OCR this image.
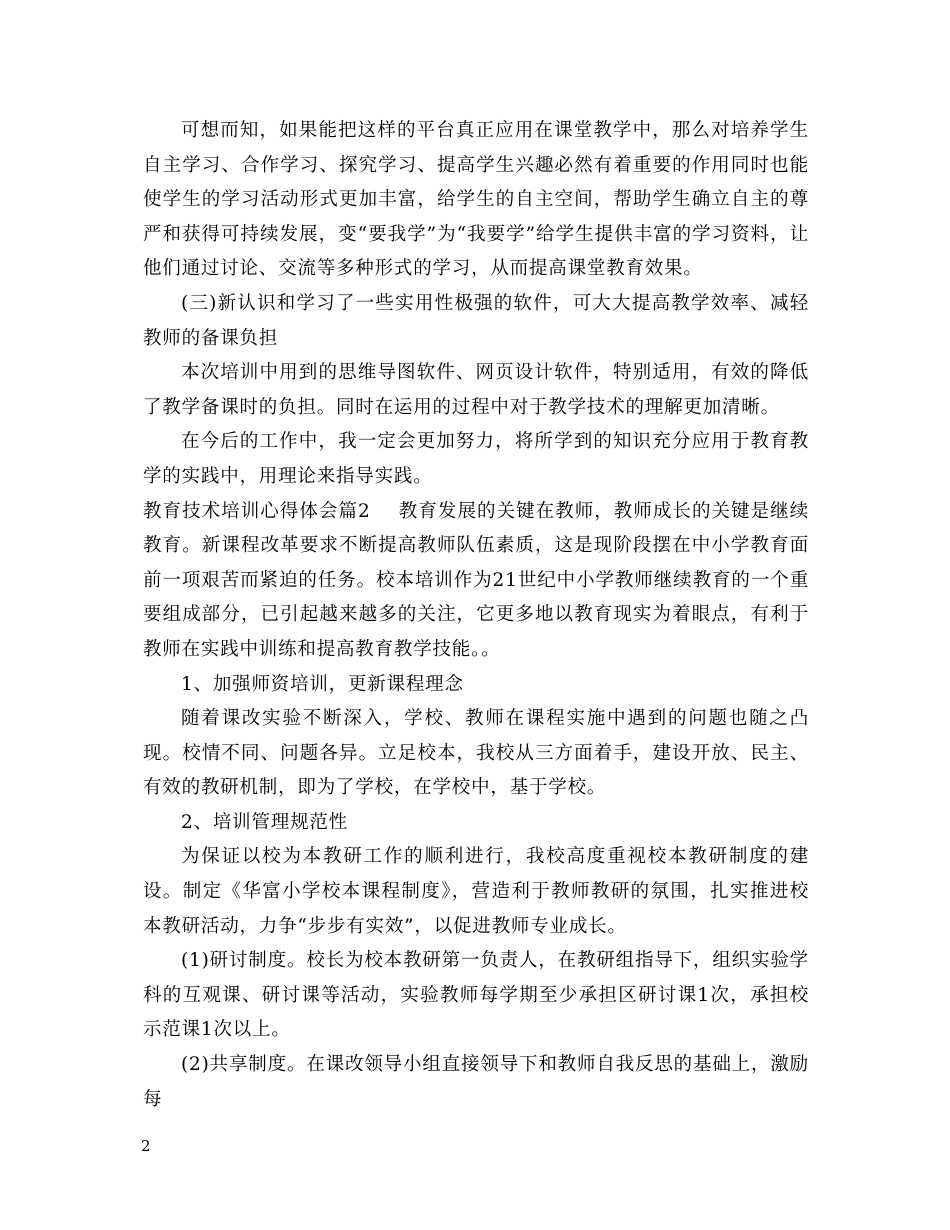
可想而知，如果能把这样的平台真正应用在课堂教学中，那么对培养学生自主学习、合作学习、探究学习、提高学生兴趣必然有着重要的作用同时也能使学生的学习活动形式更加丰富，给学生的自主空间，帮助学生确立自主的尊严和获得可持续发展，变“要我学”为“我要学”给学生提供丰富的学习资料，让他们通过讨论、交流等多种形式的学习，从而提高课堂教育效果。

(三)新认识和学习了一些实用性极强的软件，可大大提高教学效率、减轻教师的备课负担

本次培训中用到的思维导图软件、网页设计软件，特别适用，有效的降低了教学备课时的负担。同时在运用的过程中对于教学技术的理解更加清晰。

在今后的工作中，我一定会更加努力，将所学到的知识充分应用于教育教学的实践中，用理论来指导实践。

教育技术培训心得体会篇2 教育发展的关键在教师，教师成长的关键是继续教育。新课程改革要求不断提高教师队伍素质，这是现阶段摆在中小学教育面前一项艰苦而紧迫的任务。校本培训作为21世纪中小学教师继续教育的一个重要组成部分，已引起越来越多的关注，它更多地以教育现实为着眼点，有利于教师在实践中训练和提高教育教学技能。。

1、加强师资培训，更新课程理念

随着课改实验不断深入，学校、教师在课程实施中遇到的问题也随之凸现。校情不同、问题各异。立足校本，我校从三方面着手，建设开放、民主、有效的教研机制，即为了学校，在学校中，基于学校。

2、培训管理规范性

为保证以校为本教研工作的顺利进行，我校高度重视校本教研制度的建设。制定《华富小学校本课程制度》，营造利于教师教研的氛围，扎实推进校本教研活动，力争“步步有实效”，以促进教师专业成长。

(1)研讨制度。校长为校本教研第一负责人，在教研组指导下，组织实验学科的互观课、研讨课等活动，实验教师每学期至少承担区研讨课1次，承担校示范课1次以上。

(2)共享制度。在课改领导小组直接领导下和教师自我反思的基础上，激励每

2
